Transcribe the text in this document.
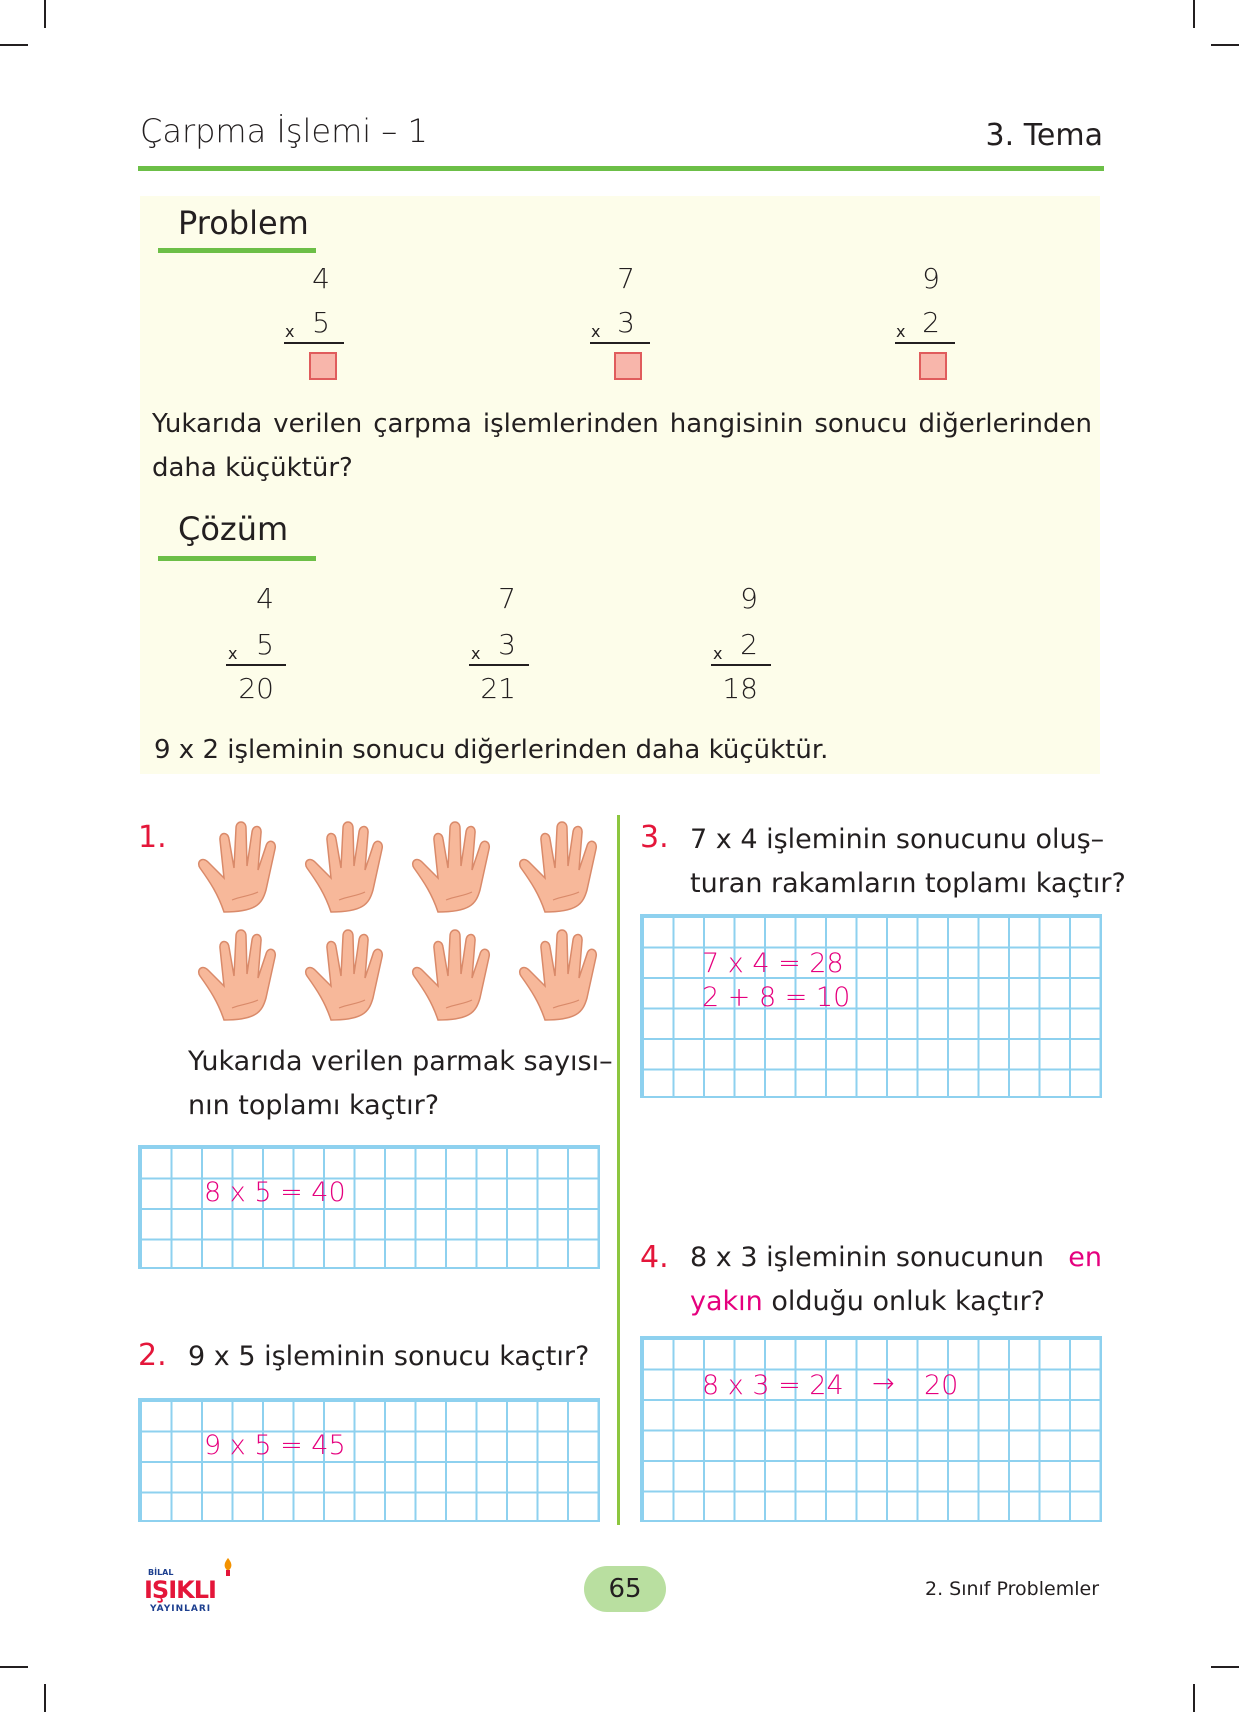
Çarpma İşlemi – 1	3. Tema
Problem
4
x 5
7
x 3
9
x 2
Yukarıda verilen çarpma işlemlerinden hangisinin sonucu diğerlerinden
daha küçüktür?
Çözüm
4
x 5
20
7
x 3
21
9
x 2
18
9 x 2 işleminin sonucu diğerlerinden daha küçüktür.
1.
Yukarıda verilen parmak sayısı–
nın toplamı kaçtır?
8 x 5 = 40
2. 9 x 5 işleminin sonucu kaçtır?
9 x 5 = 45
3. 7 x 4 işleminin sonucunu oluş–
turan rakamların toplamı kaçtır?
7 x 4 = 28
2 + 8 = 10
4. 8 x 3 işleminin sonucunun en
yakın olduğu onluk kaçtır?
8 x 3 = 24 → 20
BİLAL
IŞIKLI
YAYINLARI
65	2. Sınıf Problemler
